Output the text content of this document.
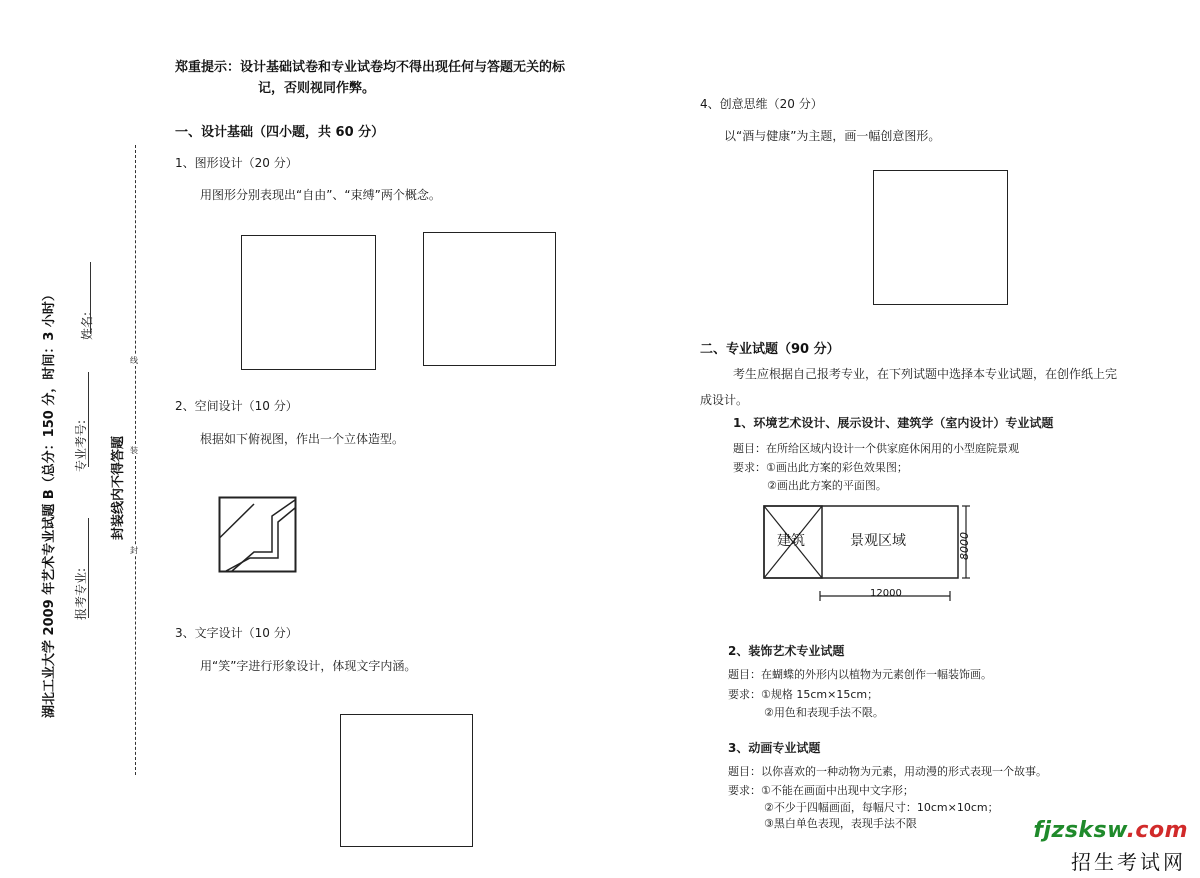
湖北工业大学 2009 年艺术专业试题 B（总分：150 分，时间：3 小时） 报考专业:
专业考号:
姓名:
封装线内不得答题
线
装
封
郑重提示：设计基础试卷和专业试卷均不得出现任何与答题无关的标
记，否则视同作弊。
一、设计基础（四小题，共 60 分）
1、图形设计（20 分）
用图形分别表现出“自由”、“束缚”两个概念。
2、空间设计（10 分）
根据如下俯视图，作出一个立体造型。
3、文字设计（10 分）
用“笑”字进行形象设计，体现文字内涵。
4、创意思维（20 分）
以“酒与健康”为主题，画一幅创意图形。
二、专业试题（90 分）
考生应根据自己报考专业，在下列试题中选择本专业试题，在创作纸上完
成设计。
1、环境艺术设计、展示设计、建筑学（室内设计）专业试题
题目：在所给区域内设计一个供家庭休闲用的小型庭院景观
要求：①画出此方案的彩色效果图；
②画出此方案的平面图。
建筑	景观区域	8000
12000
2、装饰艺术专业试题
题目：在蝴蝶的外形内以植物为元素创作一幅装饰画。
要求：①规格 15cm×15cm；
②用色和表现手法不限。
3、动画专业试题
题目：以你喜欢的一种动物为元素，用动漫的形式表现一个故事。
要求：①不能在画面中出现中文字形；
②不少于四幅画面，每幅尺寸：10cm×10cm；
③黑白单色表现，表现手法不限	fjzsksw.com
招生考试网
